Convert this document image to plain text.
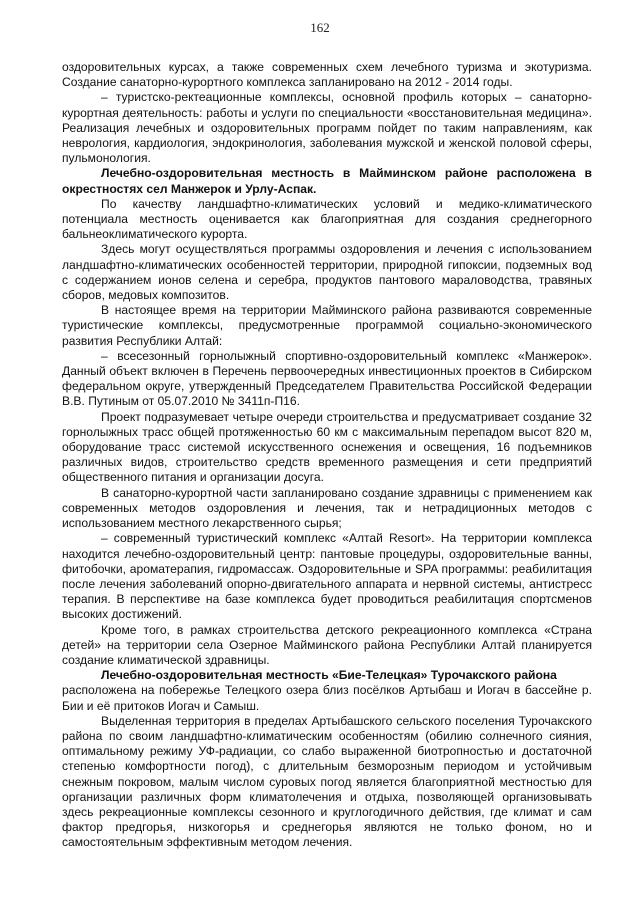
162

оздоровительных курсах, а также современных схем лечебного туризма и экотуризма. Создание санаторно-курортного комплекса запланировано на 2012 - 2014 годы.

– туристско-ректеационные комплексы, основной профиль которых – санаторно-курортная деятельность: работы и услуги по специальности «восстановительная медицина». Реализация лечебных и оздоровительных программ пойдет по таким направлениям, как неврология, кардиология, эндокринология, заболевания мужской и женской половой сферы, пульмонология.

Лечебно-оздоровительная местность в Майминском районе расположена в окрестностях сел Манжерок и Урлу-Аспак.

По качеству ландшафтно-климатических условий и медико-климатического потенциала местность оценивается как благоприятная для создания среднегорного бальнеоклиматического курорта.

Здесь могут осуществляться программы оздоровления и лечения с использованием ландшафтно-климатических особенностей территории, природной гипоксии, подземных вод с содержанием ионов селена и серебра, продуктов пантового мараловодства, травяных сборов, медовых композитов.

В настоящее время на территории Майминского района развиваются современные туристические комплексы, предусмотренные программой социально-экономического развития Республики Алтай:

– всесезонный горнолыжный спортивно-оздоровительный комплекс «Манжерок». Данный объект включен в Перечень первоочередных инвестиционных проектов в Сибирском федеральном округе, утвержденный Председателем Правительства Российской Федерации В.В. Путиным от 05.07.2010 № 3411п-П16.

Проект подразумевает четыре очереди строительства и предусматривает создание 32 горнолыжных трасс общей протяженностью 60 км с максимальным перепадом высот 820 м, оборудование трасс системой искусственного оснежения и освещения, 16 подъемников различных видов, строительство средств временного размещения и сети предприятий общественного питания и организации досуга.

В санаторно-курортной части запланировано создание здравницы с применением как современных методов оздоровления и лечения, так и нетрадиционных методов с использованием местного лекарственного сырья;

– современный туристический комплекс «Алтай Resort». На территории комплекса находится лечебно-оздоровительный центр: пантовые процедуры, оздоровительные ванны, фитобочки, ароматерапия, гидромассаж. Оздоровительные и SPA программы: реабилитация после лечения заболеваний опорно-двигательного аппарата и нервной системы, антистресс терапия. В перспективе на базе комплекса будет проводиться реабилитация спортсменов высоких достижений.

Кроме того, в рамках строительства детского рекреационного комплекса «Страна детей» на территории села Озерное Майминского района Республики Алтай планируется создание климатической здравницы.

Лечебно-оздоровительная местность «Бие-Телецкая» Турочакского района

расположена на побережье Телецкого озера близ посёлков Артыбаш и Иогач в бассейне р. Бии и её притоков Иогач и Самыш.

Выделенная территория в пределах Артыбашского сельского поселения Турочакского района по своим ландшафтно-климатическим особенностям (обилию солнечного сияния, оптимальному режиму УФ-радиации, со слабо выраженной биотропностью и достаточной степенью комфортности погод), с длительным безморозным периодом и устойчивым снежным покровом, малым числом суровых погод является благоприятной местностью для организации различных форм климатолечения и отдыха, позволяющей организовывать здесь рекреационные комплексы сезонного и круглогодичного действия, где климат и сам фактор предгорья, низкогорья и среднегорья являются не только фоном, но и самостоятельным эффективным методом лечения.
